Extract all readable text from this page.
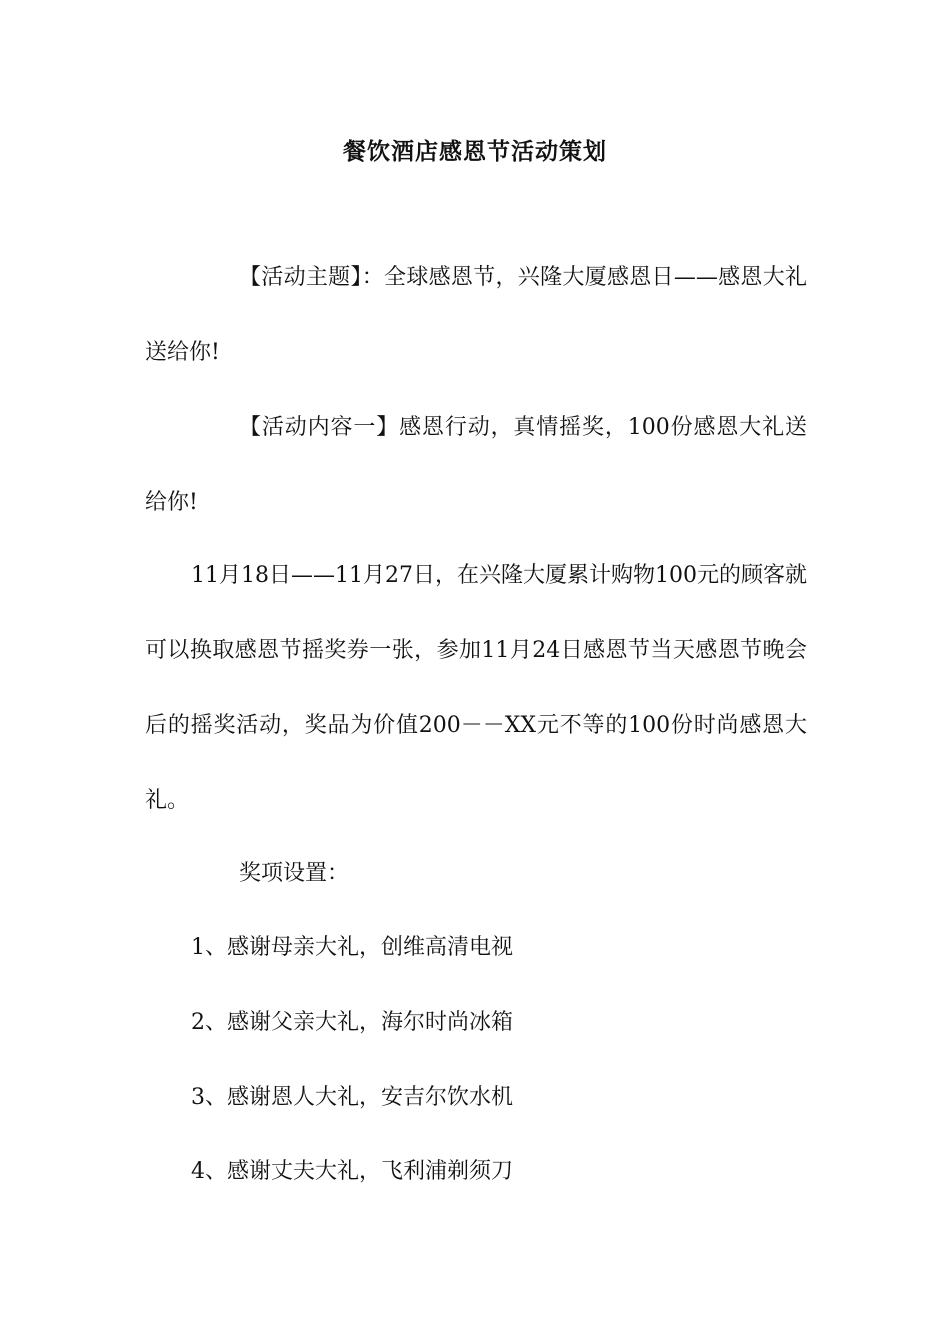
餐饮酒店感恩节活动策划
【活动主题】：全球感恩节，兴隆大厦感恩日——感恩大礼送给你!
【活动内容一】感恩行动，真情摇奖，100份感恩大礼送给你!
11月18日——11月27日，在兴隆大厦累计购物100元的顾客就可以换取感恩节摇奖券一张，参加11月24日感恩节当天感恩节晚会后的摇奖活动，奖品为价值200－－XX元不等的100份时尚感恩大礼。
奖项设置：
1、感谢母亲大礼，创维高清电视
2、感谢父亲大礼，海尔时尚冰箱
3、感谢恩人大礼，安吉尔饮水机
4、感谢丈夫大礼，飞利浦剃须刀
